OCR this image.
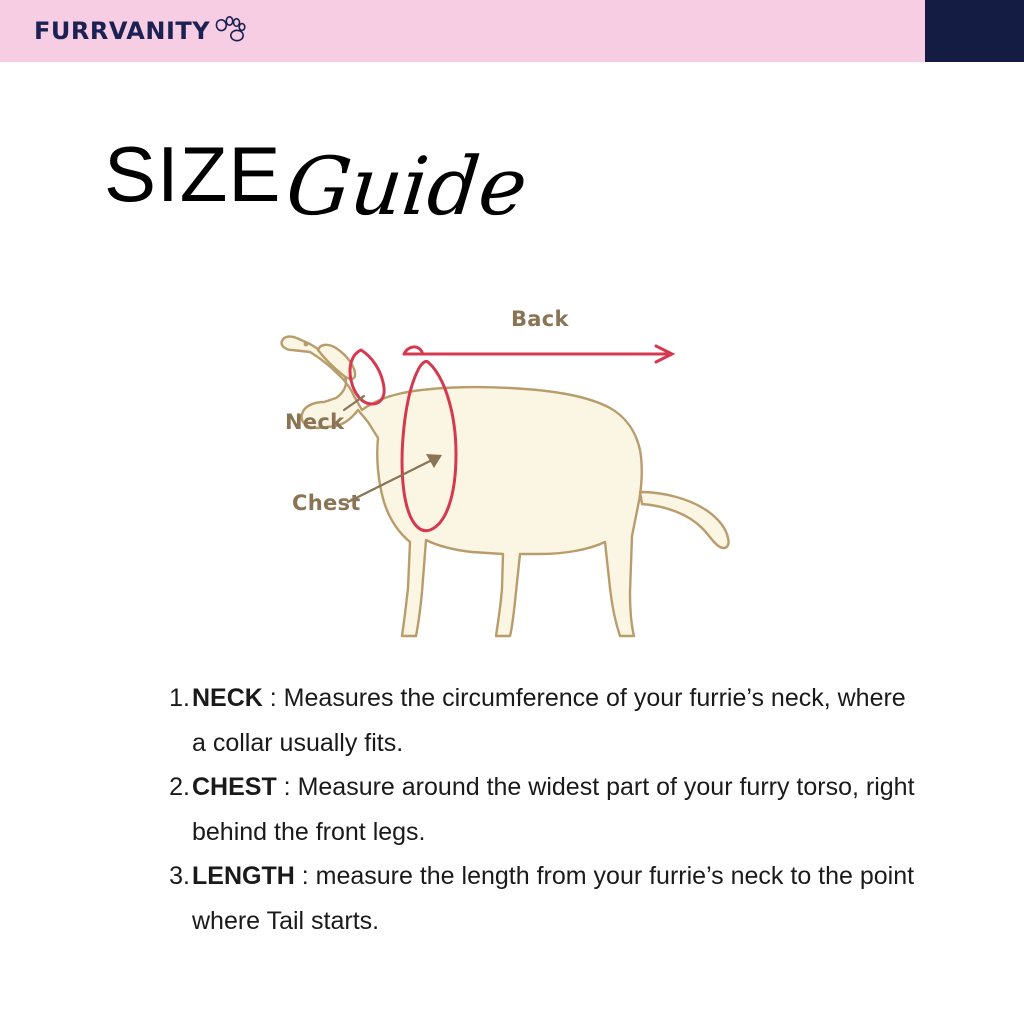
FURRVANITY
SIZE Guide
Back
Neck
Chest
NECK : Measures the circumference of your furrie’s neck, where a collar usually fits.
CHEST : Measure around the widest part of your furry torso, right behind the front legs.
LENGTH : measure the length from your furrie’s neck to the point where Tail starts.
